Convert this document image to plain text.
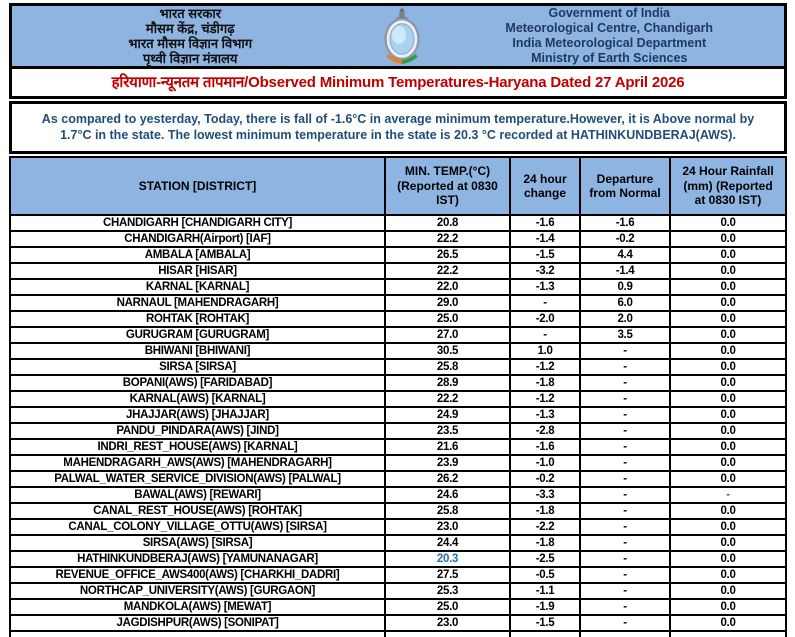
भारत सरकार
मौसम केंद्र, चंडीगढ़
भारत मौसम विज्ञान विभाग
पृथ्वी विज्ञान मंत्रालय
Government of India
Meteorological Centre, Chandigarh
India Meteorological Department
Ministry of Earth Sciences
हरियाणा-न्यूनतम तापमान/Observed Minimum Temperatures-Haryana Dated 27 April 2026
As compared to yesterday, Today, there is fall of -1.6°C in average minimum temperature.However, it is Above normal by 1.7°C in the state. The lowest minimum temperature in the state is 20.3 °C recorded at HATHINKUNDBERAJ(AWS).
STATION [DISTRICT]	MIN. TEMP.(°C) (Reported at 0830 IST)	24 hour change	Departure from Normal	24 Hour Rainfall (mm) (Reported at 0830 IST)
CHANDIGARH [CHANDIGARH CITY]	20.8	-1.6	-1.6	0.0
CHANDIGARH(Airport) [IAF]	22.2	-1.4	-0.2	0.0
AMBALA [AMBALA]	26.5	-1.5	4.4	0.0
HISAR [HISAR]	22.2	-3.2	-1.4	0.0
KARNAL [KARNAL]	22.0	-1.3	0.9	0.0
NARNAUL [MAHENDRAGARH]	29.0	-	6.0	0.0
ROHTAK [ROHTAK]	25.0	-2.0	2.0	0.0
GURUGRAM [GURUGRAM]	27.0	-	3.5	0.0
BHIWANI [BHIWANI]	30.5	1.0	-	0.0
SIRSA [SIRSA]	25.8	-1.2	-	0.0
BOPANI(AWS) [FARIDABAD]	28.9	-1.8	-	0.0
KARNAL(AWS) [KARNAL]	22.2	-1.2	-	0.0
JHAJJAR(AWS) [JHAJJAR]	24.9	-1.3	-	0.0
PANDU_PINDARA(AWS) [JIND]	23.5	-2.8	-	0.0
INDRI_REST_HOUSE(AWS) [KARNAL]	21.6	-1.6	-	0.0
MAHENDRAGARH_AWS(AWS) [MAHENDRAGARH]	23.9	-1.0	-	0.0
PALWAL_WATER_SERVICE_DIVISION(AWS) [PALWAL]	26.2	-0.2	-	0.0
BAWAL(AWS) [REWARI]	24.6	-3.3	-	-
CANAL_REST_HOUSE(AWS) [ROHTAK]	25.8	-1.8	-	0.0
CANAL_COLONY_VILLAGE_OTTU(AWS) [SIRSA]	23.0	-2.2	-	0.0
SIRSA(AWS) [SIRSA]	24.4	-1.8	-	0.0
HATHINKUNDBERAJ(AWS) [YAMUNANAGAR]	20.3	-2.5	-	0.0
REVENUE_OFFICE_AWS400(AWS) [CHARKHI_DADRI]	27.5	-0.5	-	0.0
NORTHCAP_UNIVERSITY(AWS) [GURGAON]	25.3	-1.1	-	0.0
MANDKOLA(AWS) [MEWAT]	25.0	-1.9	-	0.0
JAGDISHPUR(AWS) [SONIPAT]	23.0	-1.5	-	0.0
